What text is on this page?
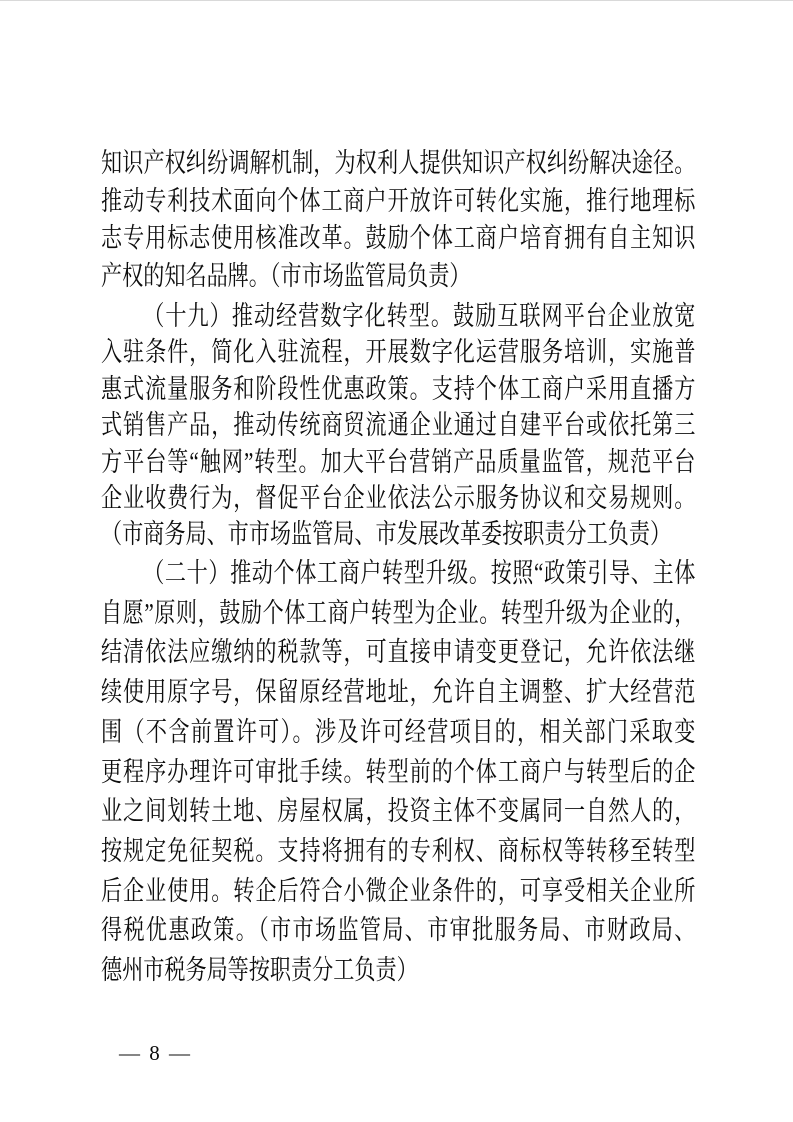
知识产权纠纷调解机制，为权利人提供知识产权纠纷解决途径。
推动专利技术面向个体工商户开放许可转化实施，推行地理标
志专用标志使用核准改革。鼓励个体工商户培育拥有自主知识
产权的知名品牌。（市市场监管局负责）
（十九）推动经营数字化转型。鼓励互联网平台企业放宽
入驻条件，简化入驻流程，开展数字化运营服务培训，实施普
惠式流量服务和阶段性优惠政策。支持个体工商户采用直播方
式销售产品，推动传统商贸流通企业通过自建平台或依托第三
方平台等“触网”转型。加大平台营销产品质量监管，规范平台
企业收费行为，督促平台企业依法公示服务协议和交易规则。
（市商务局、市市场监管局、市发展改革委按职责分工负责）
（二十）推动个体工商户转型升级。按照“政策引导、主体
自愿”原则，鼓励个体工商户转型为企业。转型升级为企业的，
结清依法应缴纳的税款等，可直接申请变更登记，允许依法继
续使用原字号，保留原经营地址，允许自主调整、扩大经营范
围（不含前置许可）。涉及许可经营项目的，相关部门采取变
更程序办理许可审批手续。转型前的个体工商户与转型后的企
业之间划转土地、房屋权属，投资主体不变属同一自然人的，
按规定免征契税。支持将拥有的专利权、商标权等转移至转型
后企业使用。转企后符合小微企业条件的，可享受相关企业所
得税优惠政策。（市市场监管局、市审批服务局、市财政局、
德州市税务局等按职责分工负责）
— 8 —
